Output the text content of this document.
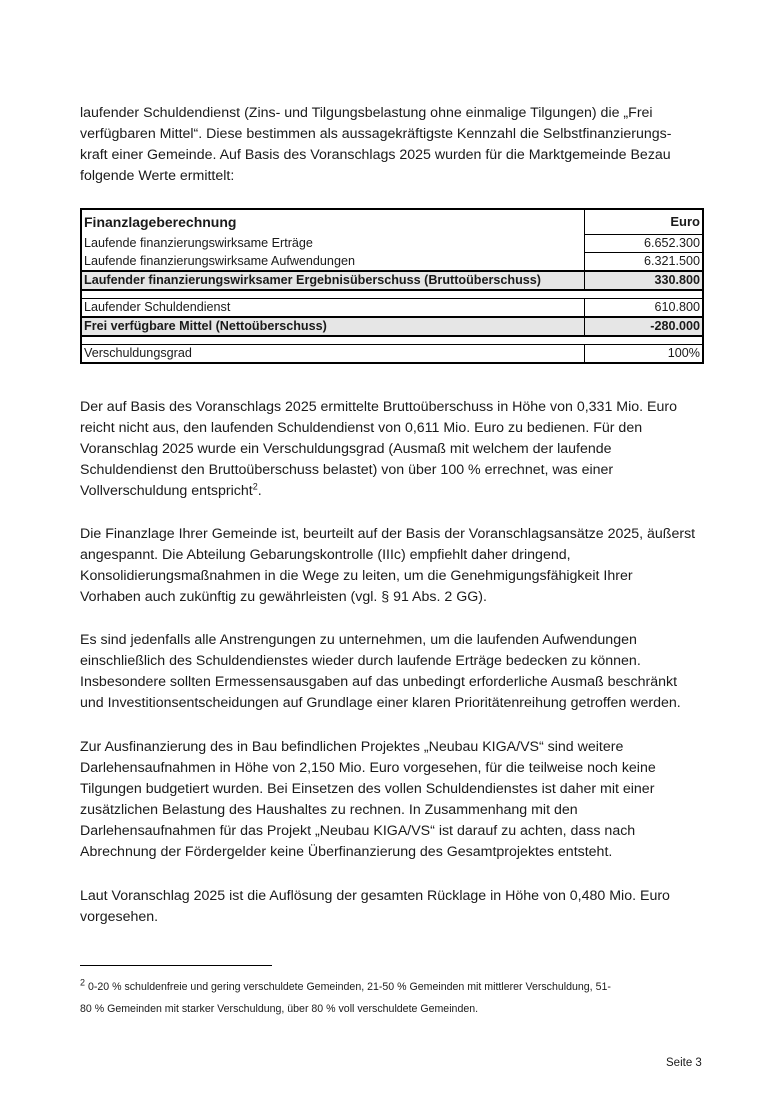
laufender Schuldendienst (Zins- und Tilgungsbelastung ohne einmalige Tilgungen) die „Frei
verfügbaren Mittel“. Diese bestimmen als aussagekräftigste Kennzahl die Selbstfinanzierungs-
kraft einer Gemeinde. Auf Basis des Voranschlags 2025 wurden für die Marktgemeinde Bezau
folgende Werte ermittelt:

Finanzlageberechnung	Euro
Laufende finanzierungswirksame Erträge	6.652.300
Laufende finanzierungswirksame Aufwendungen	6.321.500
Laufender finanzierungswirksamer Ergebnisüberschuss (Bruttoüberschuss)	330.800

Laufender Schuldendienst	610.800
Frei verfügbare Mittel (Nettoüberschuss)	-280.000

Verschuldungsgrad	100%

Der auf Basis des Voranschlags 2025 ermittelte Bruttoüberschuss in Höhe von 0,331 Mio. Euro
reicht nicht aus, den laufenden Schuldendienst von 0,611 Mio. Euro zu bedienen. Für den
Voranschlag 2025 wurde ein Verschuldungsgrad (Ausmaß mit welchem der laufende
Schuldendienst den Bruttoüberschuss belastet) von über 100 % errechnet, was einer
Vollverschuldung entspricht$^2$.

Die Finanzlage Ihrer Gemeinde ist, beurteilt auf der Basis der Voranschlagsansätze 2025, äußerst
angespannt. Die Abteilung Gebarungskontrolle (IIIc) empfiehlt daher dringend,
Konsolidierungsmaßnahmen in die Wege zu leiten, um die Genehmigungsfähigkeit Ihrer
Vorhaben auch zukünftig zu gewährleisten (vgl. § 91 Abs. 2 GG).

Es sind jedenfalls alle Anstrengungen zu unternehmen, um die laufenden Aufwendungen
einschließlich des Schuldendienstes wieder durch laufende Erträge bedecken zu können.
Insbesondere sollten Ermessensausgaben auf das unbedingt erforderliche Ausmaß beschränkt
und Investitionsentscheidungen auf Grundlage einer klaren Prioritätenreihung getroffen werden.

Zur Ausfinanzierung des in Bau befindlichen Projektes „Neubau KIGA/VS“ sind weitere
Darlehensaufnahmen in Höhe von 2,150 Mio. Euro vorgesehen, für die teilweise noch keine
Tilgungen budgetiert wurden. Bei Einsetzen des vollen Schuldendienstes ist daher mit einer
zusätzlichen Belastung des Haushaltes zu rechnen. In Zusammenhang mit den
Darlehensaufnahmen für das Projekt „Neubau KIGA/VS“ ist darauf zu achten, dass nach
Abrechnung der Fördergelder keine Überfinanzierung des Gesamtprojektes entsteht.

Laut Voranschlag 2025 ist die Auflösung der gesamten Rücklage in Höhe von 0,480 Mio. Euro
vorgesehen.

$^2$ 0-20 % schuldenfreie und gering verschuldete Gemeinden, 21-50 % Gemeinden mit mittlerer Verschuldung, 51-
80 % Gemeinden mit starker Verschuldung, über 80 % voll verschuldete Gemeinden.

Seite 3
